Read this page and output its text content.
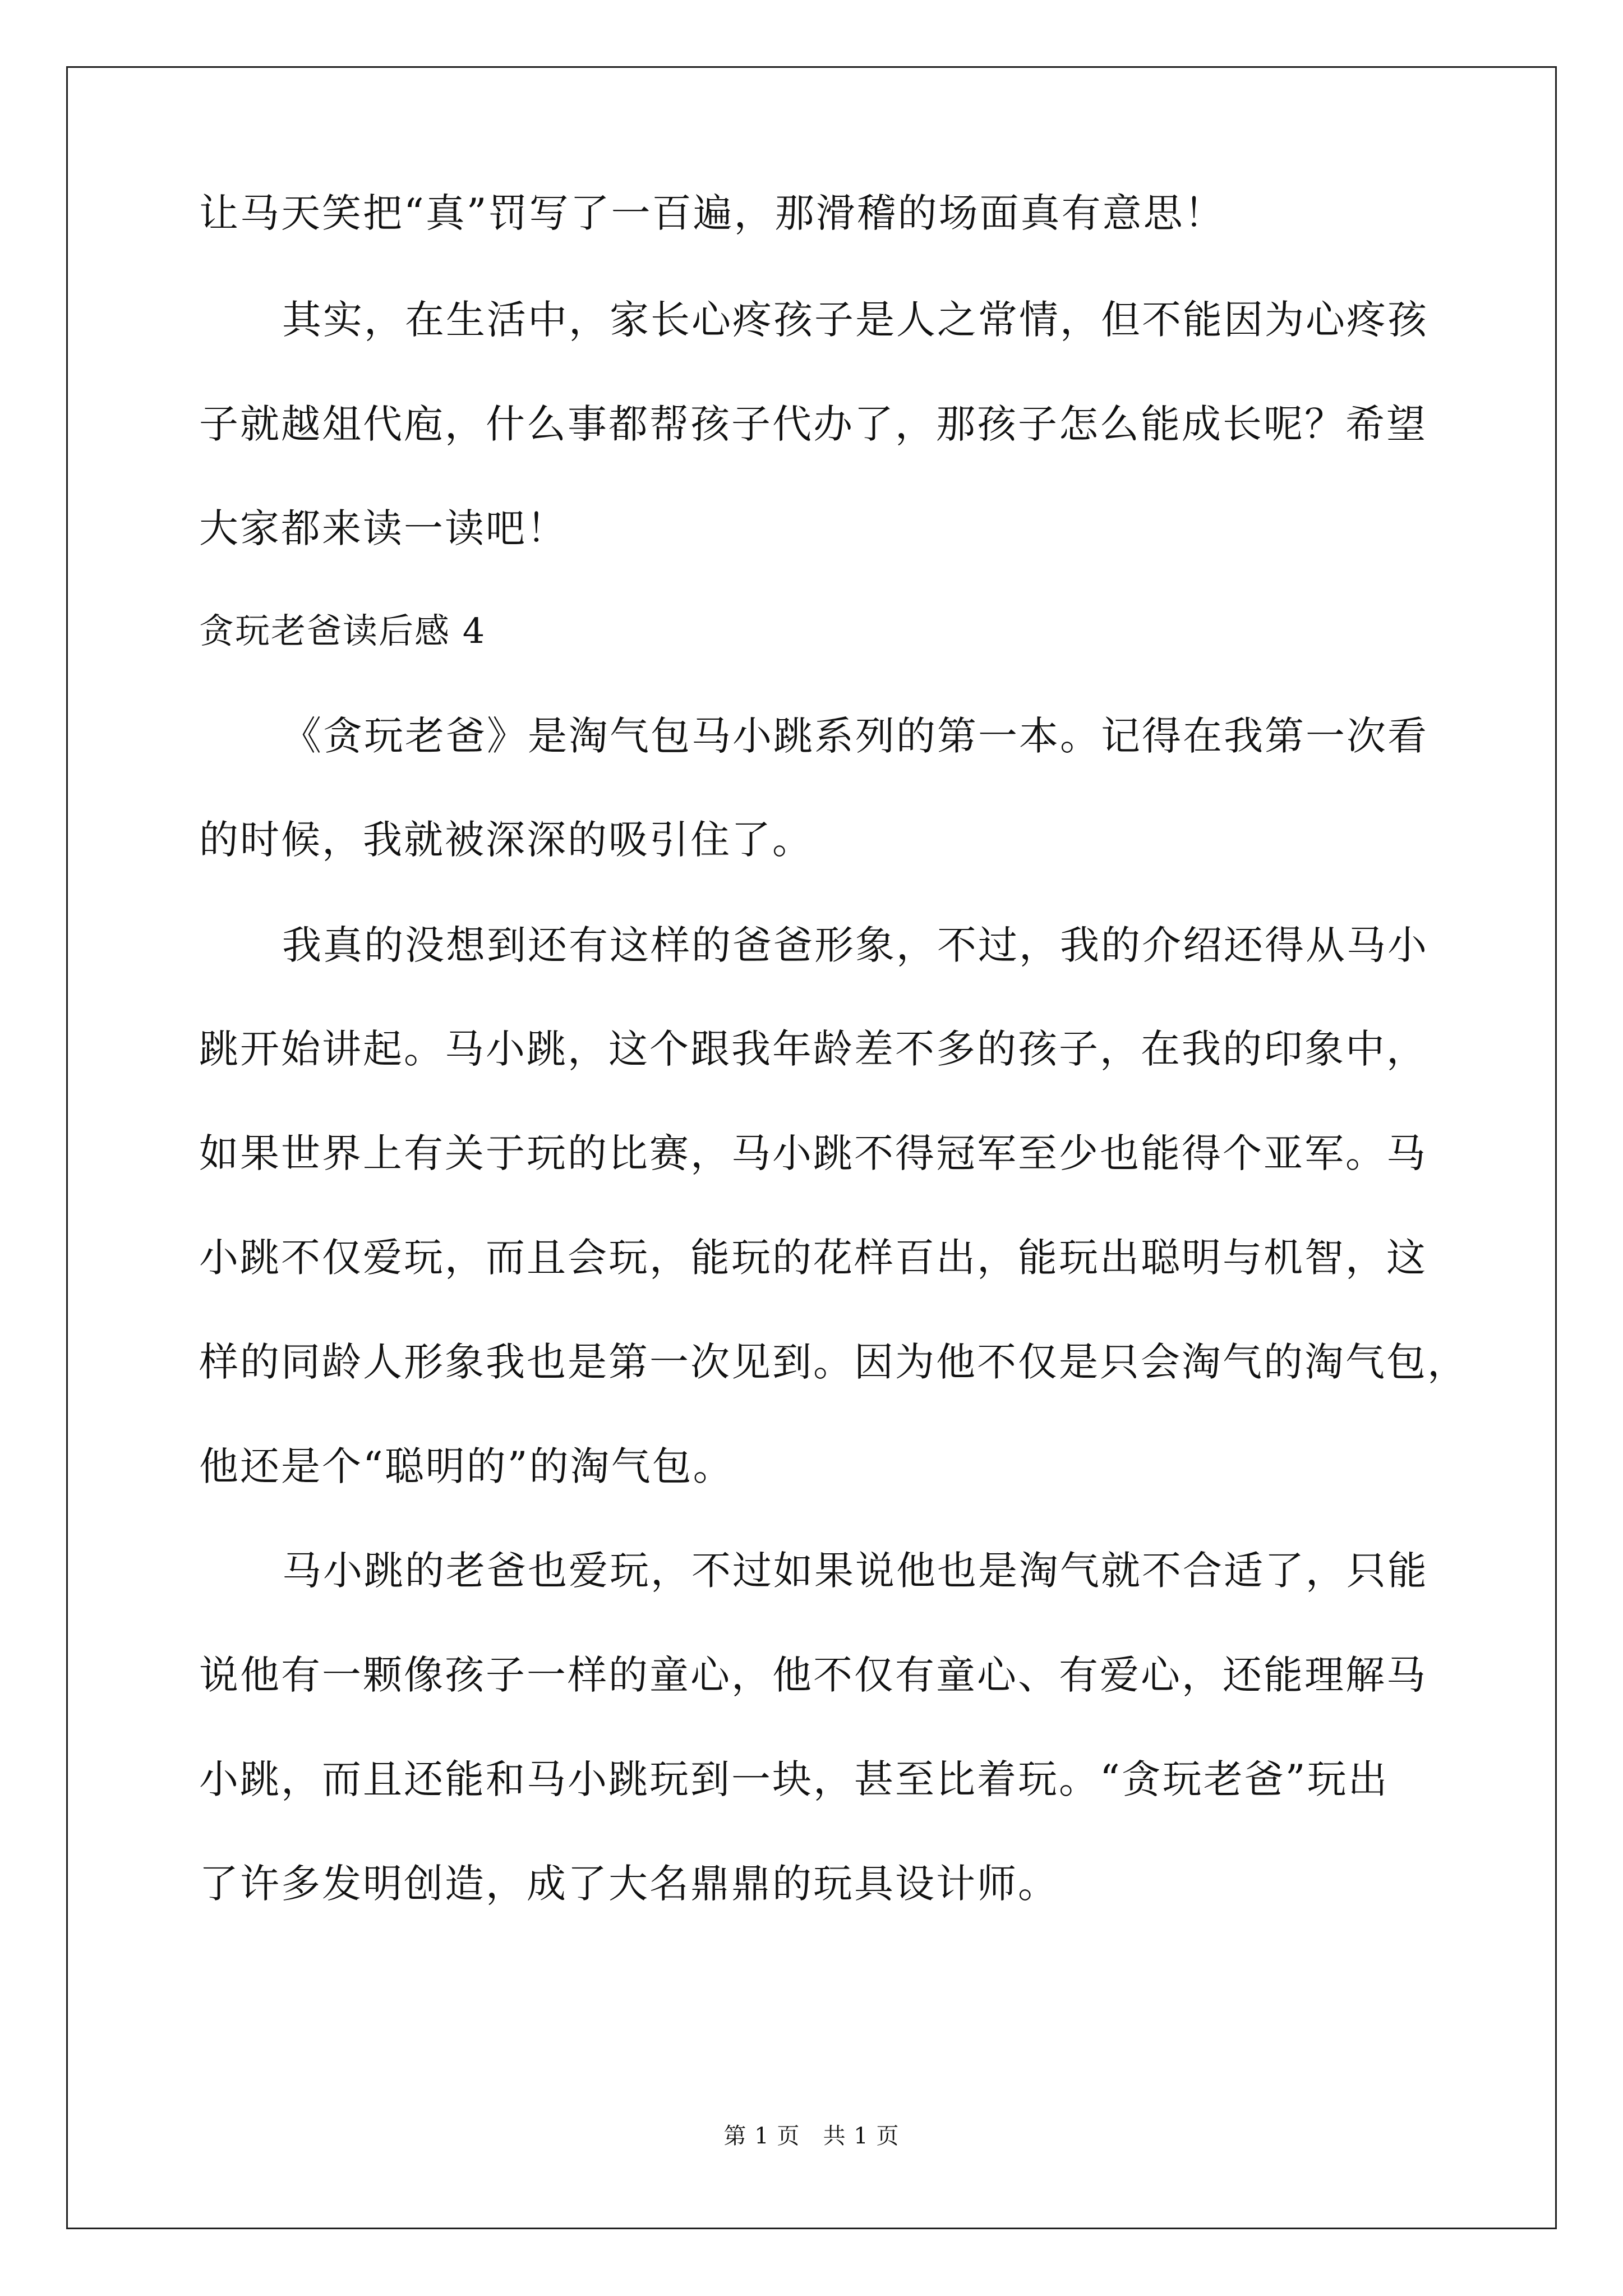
让马天笑把“真”罚写了一百遍，那滑稽的场面真有意思！
其实，在生活中，家长心疼孩子是人之常情，但不能因为心疼孩
子就越俎代庖，什么事都帮孩子代办了，那孩子怎么能成长呢？希望
大家都来读一读吧！
贪玩老爸读后感 4
《贪玩老爸》是淘气包马小跳系列的第一本。记得在我第一次看
的时候，我就被深深的吸引住了。
我真的没想到还有这样的爸爸形象，不过，我的介绍还得从马小
跳开始讲起。马小跳，这个跟我年龄差不多的孩子，在我的印象中，
如果世界上有关于玩的比赛，马小跳不得冠军至少也能得个亚军。马
小跳不仅爱玩，而且会玩，能玩的花样百出，能玩出聪明与机智，这
样的同龄人形象我也是第一次见到。因为他不仅是只会淘气的淘气包，
他还是个“聪明的”的淘气包。
马小跳的老爸也爱玩，不过如果说他也是淘气就不合适了，只能
说他有一颗像孩子一样的童心，他不仅有童心、有爱心，还能理解马
小跳，而且还能和马小跳玩到一块，甚至比着玩。“贪玩老爸”玩出
了许多发明创造，成了大名鼎鼎的玩具设计师。
第 1 页   共 1 页
